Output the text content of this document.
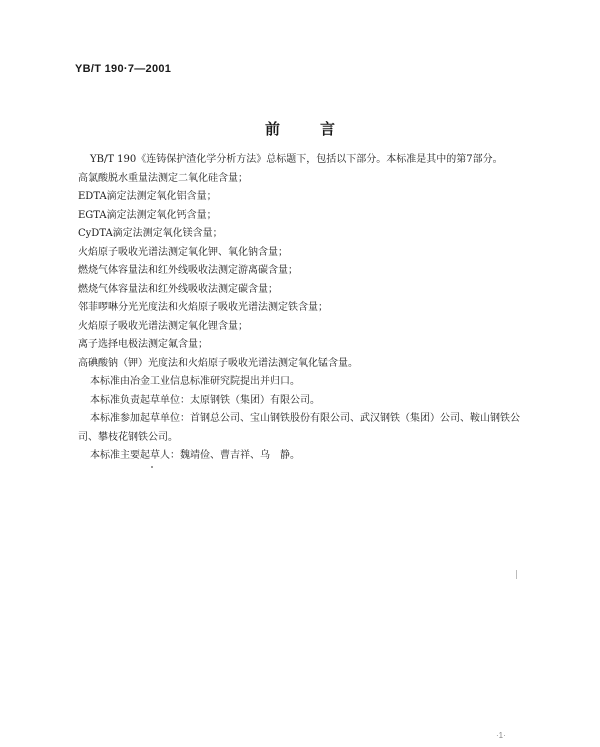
YB/T 190·7—2001
前言

YB/T 190《连铸保护渣化学分析方法》总标题下，包括以下部分。本标准是其中的第7部分。

高氯酸脱水重量法测定二氧化硅含量；

EDTA滴定法测定氧化铝含量；

EGTA滴定法测定氧化钙含量；

CyDTA滴定法测定氧化镁含量；

火焰原子吸收光谱法测定氧化钾、氧化钠含量；

燃烧气体容量法和红外线吸收法测定游离碳含量；

燃烧气体容量法和红外线吸收法测定碳含量；

邻菲啰啉分光光度法和火焰原子吸收光谱法测定铁含量；

火焰原子吸收光谱法测定氧化锂含量；

离子选择电极法测定氟含量；

高碘酸钠（钾）光度法和火焰原子吸收光谱法测定氧化锰含量。

本标准由冶金工业信息标准研究院提出并归口。

本标准负责起草单位：太原钢铁（集团）有限公司。

本标准参加起草单位：首钢总公司、宝山钢铁股份有限公司、武汉钢铁（集团）公司、鞍山钢铁公司、攀枝花钢铁公司。

本标准主要起草人：魏靖俭、曹吉祥、乌　静。

·1·
